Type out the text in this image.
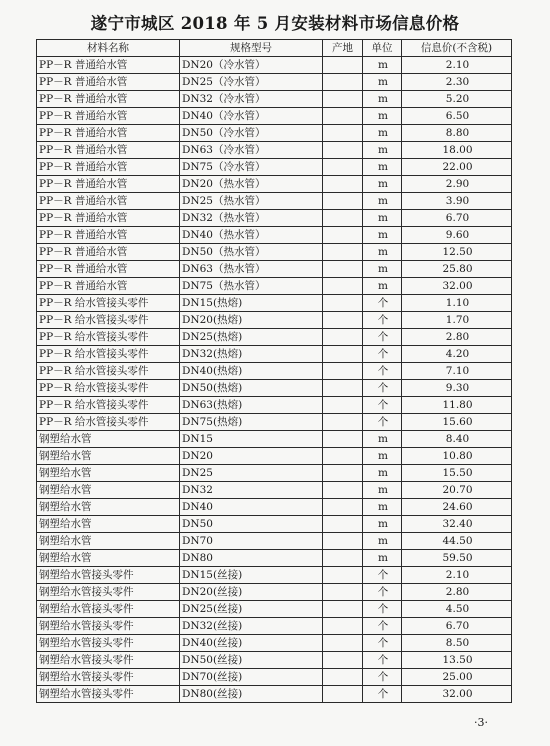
遂宁市城区 2018 年 5 月安装材料市场信息价格
材料名称	规格型号	产地	单位	信息价(不含税)
PP－R 普通给水管	DN20（冷水管）		m	2.10
PP－R 普通给水管	DN25（冷水管）		m	2.30
PP－R 普通给水管	DN32（冷水管）		m	5.20
PP－R 普通给水管	DN40（冷水管）		m	6.50
PP－R 普通给水管	DN50（冷水管）		m	8.80
PP－R 普通给水管	DN63（冷水管）		m	18.00
PP－R 普通给水管	DN75（冷水管）		m	22.00
PP－R 普通给水管	DN20（热水管）		m	2.90
PP－R 普通给水管	DN25（热水管）		m	3.90
PP－R 普通给水管	DN32（热水管）		m	6.70
PP－R 普通给水管	DN40（热水管）		m	9.60
PP－R 普通给水管	DN50（热水管）		m	12.50
PP－R 普通给水管	DN63（热水管）		m	25.80
PP－R 普通给水管	DN75（热水管）		m	32.00
PP－R 给水管接头零件	DN15(热熔)		个	1.10
PP－R 给水管接头零件	DN20(热熔)		个	1.70
PP－R 给水管接头零件	DN25(热熔)		个	2.80
PP－R 给水管接头零件	DN32(热熔)		个	4.20
PP－R 给水管接头零件	DN40(热熔)		个	7.10
PP－R 给水管接头零件	DN50(热熔)		个	9.30
PP－R 给水管接头零件	DN63(热熔)		个	11.80
PP－R 给水管接头零件	DN75(热熔)		个	15.60
钢塑给水管	DN15		m	8.40
钢塑给水管	DN20		m	10.80
钢塑给水管	DN25		m	15.50
钢塑给水管	DN32		m	20.70
钢塑给水管	DN40		m	24.60
钢塑给水管	DN50		m	32.40
钢塑给水管	DN70		m	44.50
钢塑给水管	DN80		m	59.50
钢塑给水管接头零件	DN15(丝接)		个	2.10
钢塑给水管接头零件	DN20(丝接)		个	2.80
钢塑给水管接头零件	DN25(丝接)		个	4.50
钢塑给水管接头零件	DN32(丝接)		个	6.70
钢塑给水管接头零件	DN40(丝接)		个	8.50
钢塑给水管接头零件	DN50(丝接)		个	13.50
钢塑给水管接头零件	DN70(丝接)		个	25.00
钢塑给水管接头零件	DN80(丝接)		个	32.00
·3·
